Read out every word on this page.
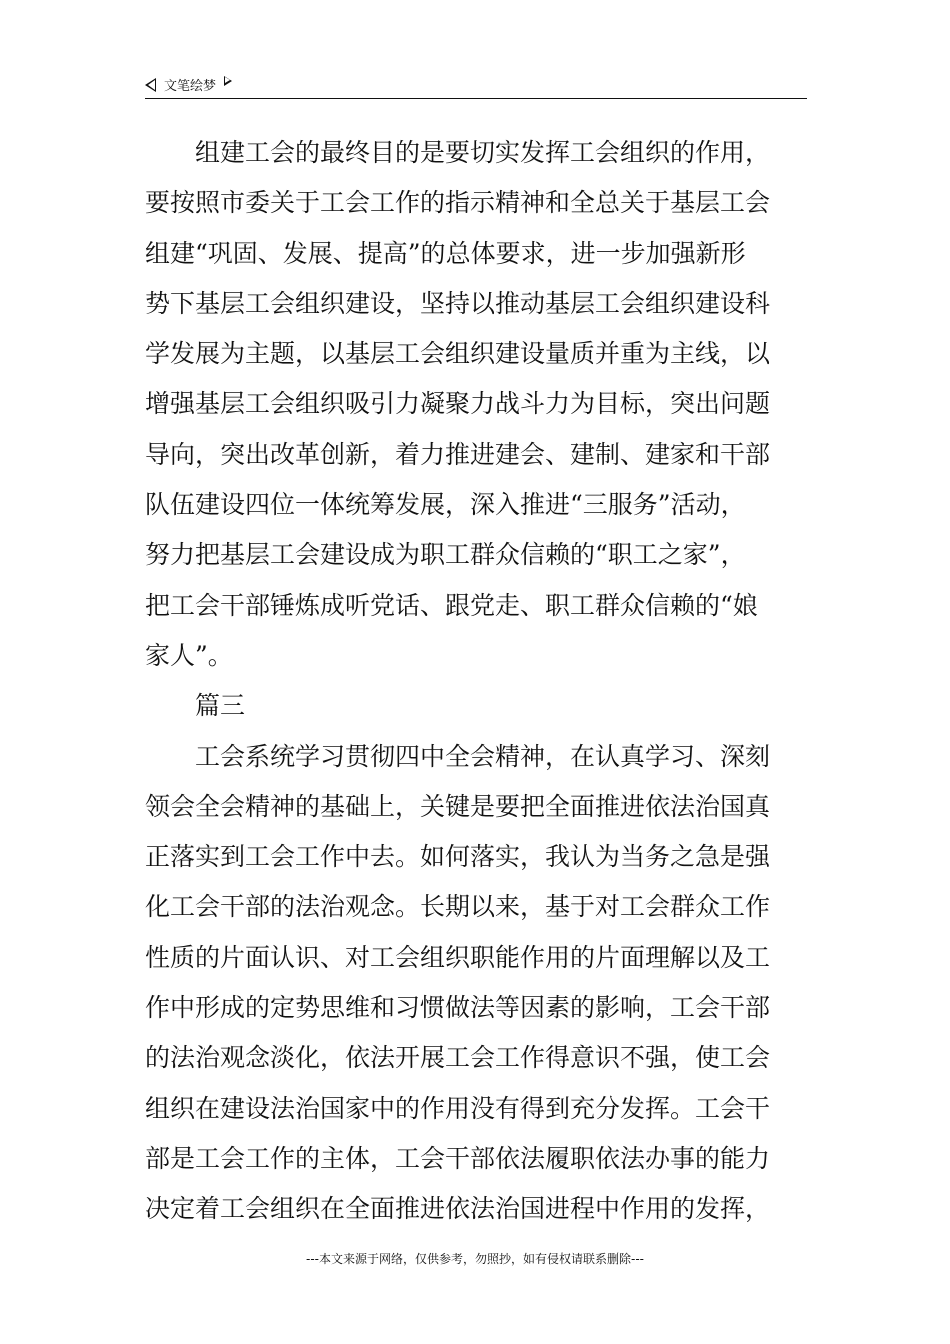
文笔绘梦
组建工会的最终目的是要切实发挥工会组织的作用，
要按照市委关于工会工作的指示精神和全总关于基层工会
组建“巩固、发展、提高”的总体要求，进一步加强新形
势下基层工会组织建设，坚持以推动基层工会组织建设科
学发展为主题，以基层工会组织建设量质并重为主线，以
增强基层工会组织吸引力凝聚力战斗力为目标，突出问题
导向，突出改革创新，着力推进建会、建制、建家和干部
队伍建设四位一体统筹发展，深入推进“三服务”活动，
努力把基层工会建设成为职工群众信赖的“职工之家”，
把工会干部锤炼成听党话、跟党走、职工群众信赖的“娘
家人”。
篇三
工会系统学习贯彻四中全会精神，在认真学习、深刻
领会全会精神的基础上，关键是要把全面推进依法治国真
正落实到工会工作中去。如何落实，我认为当务之急是强
化工会干部的法治观念。长期以来，基于对工会群众工作
性质的片面认识、对工会组织职能作用的片面理解以及工
作中形成的定势思维和习惯做法等因素的影响，工会干部
的法治观念淡化，依法开展工会工作得意识不强，使工会
组织在建设法治国家中的作用没有得到充分发挥。工会干
部是工会工作的主体，工会干部依法履职依法办事的能力
决定着工会组织在全面推进依法治国进程中作用的发挥，
---本文来源于网络，仅供参考，勿照抄，如有侵权请联系删除---
